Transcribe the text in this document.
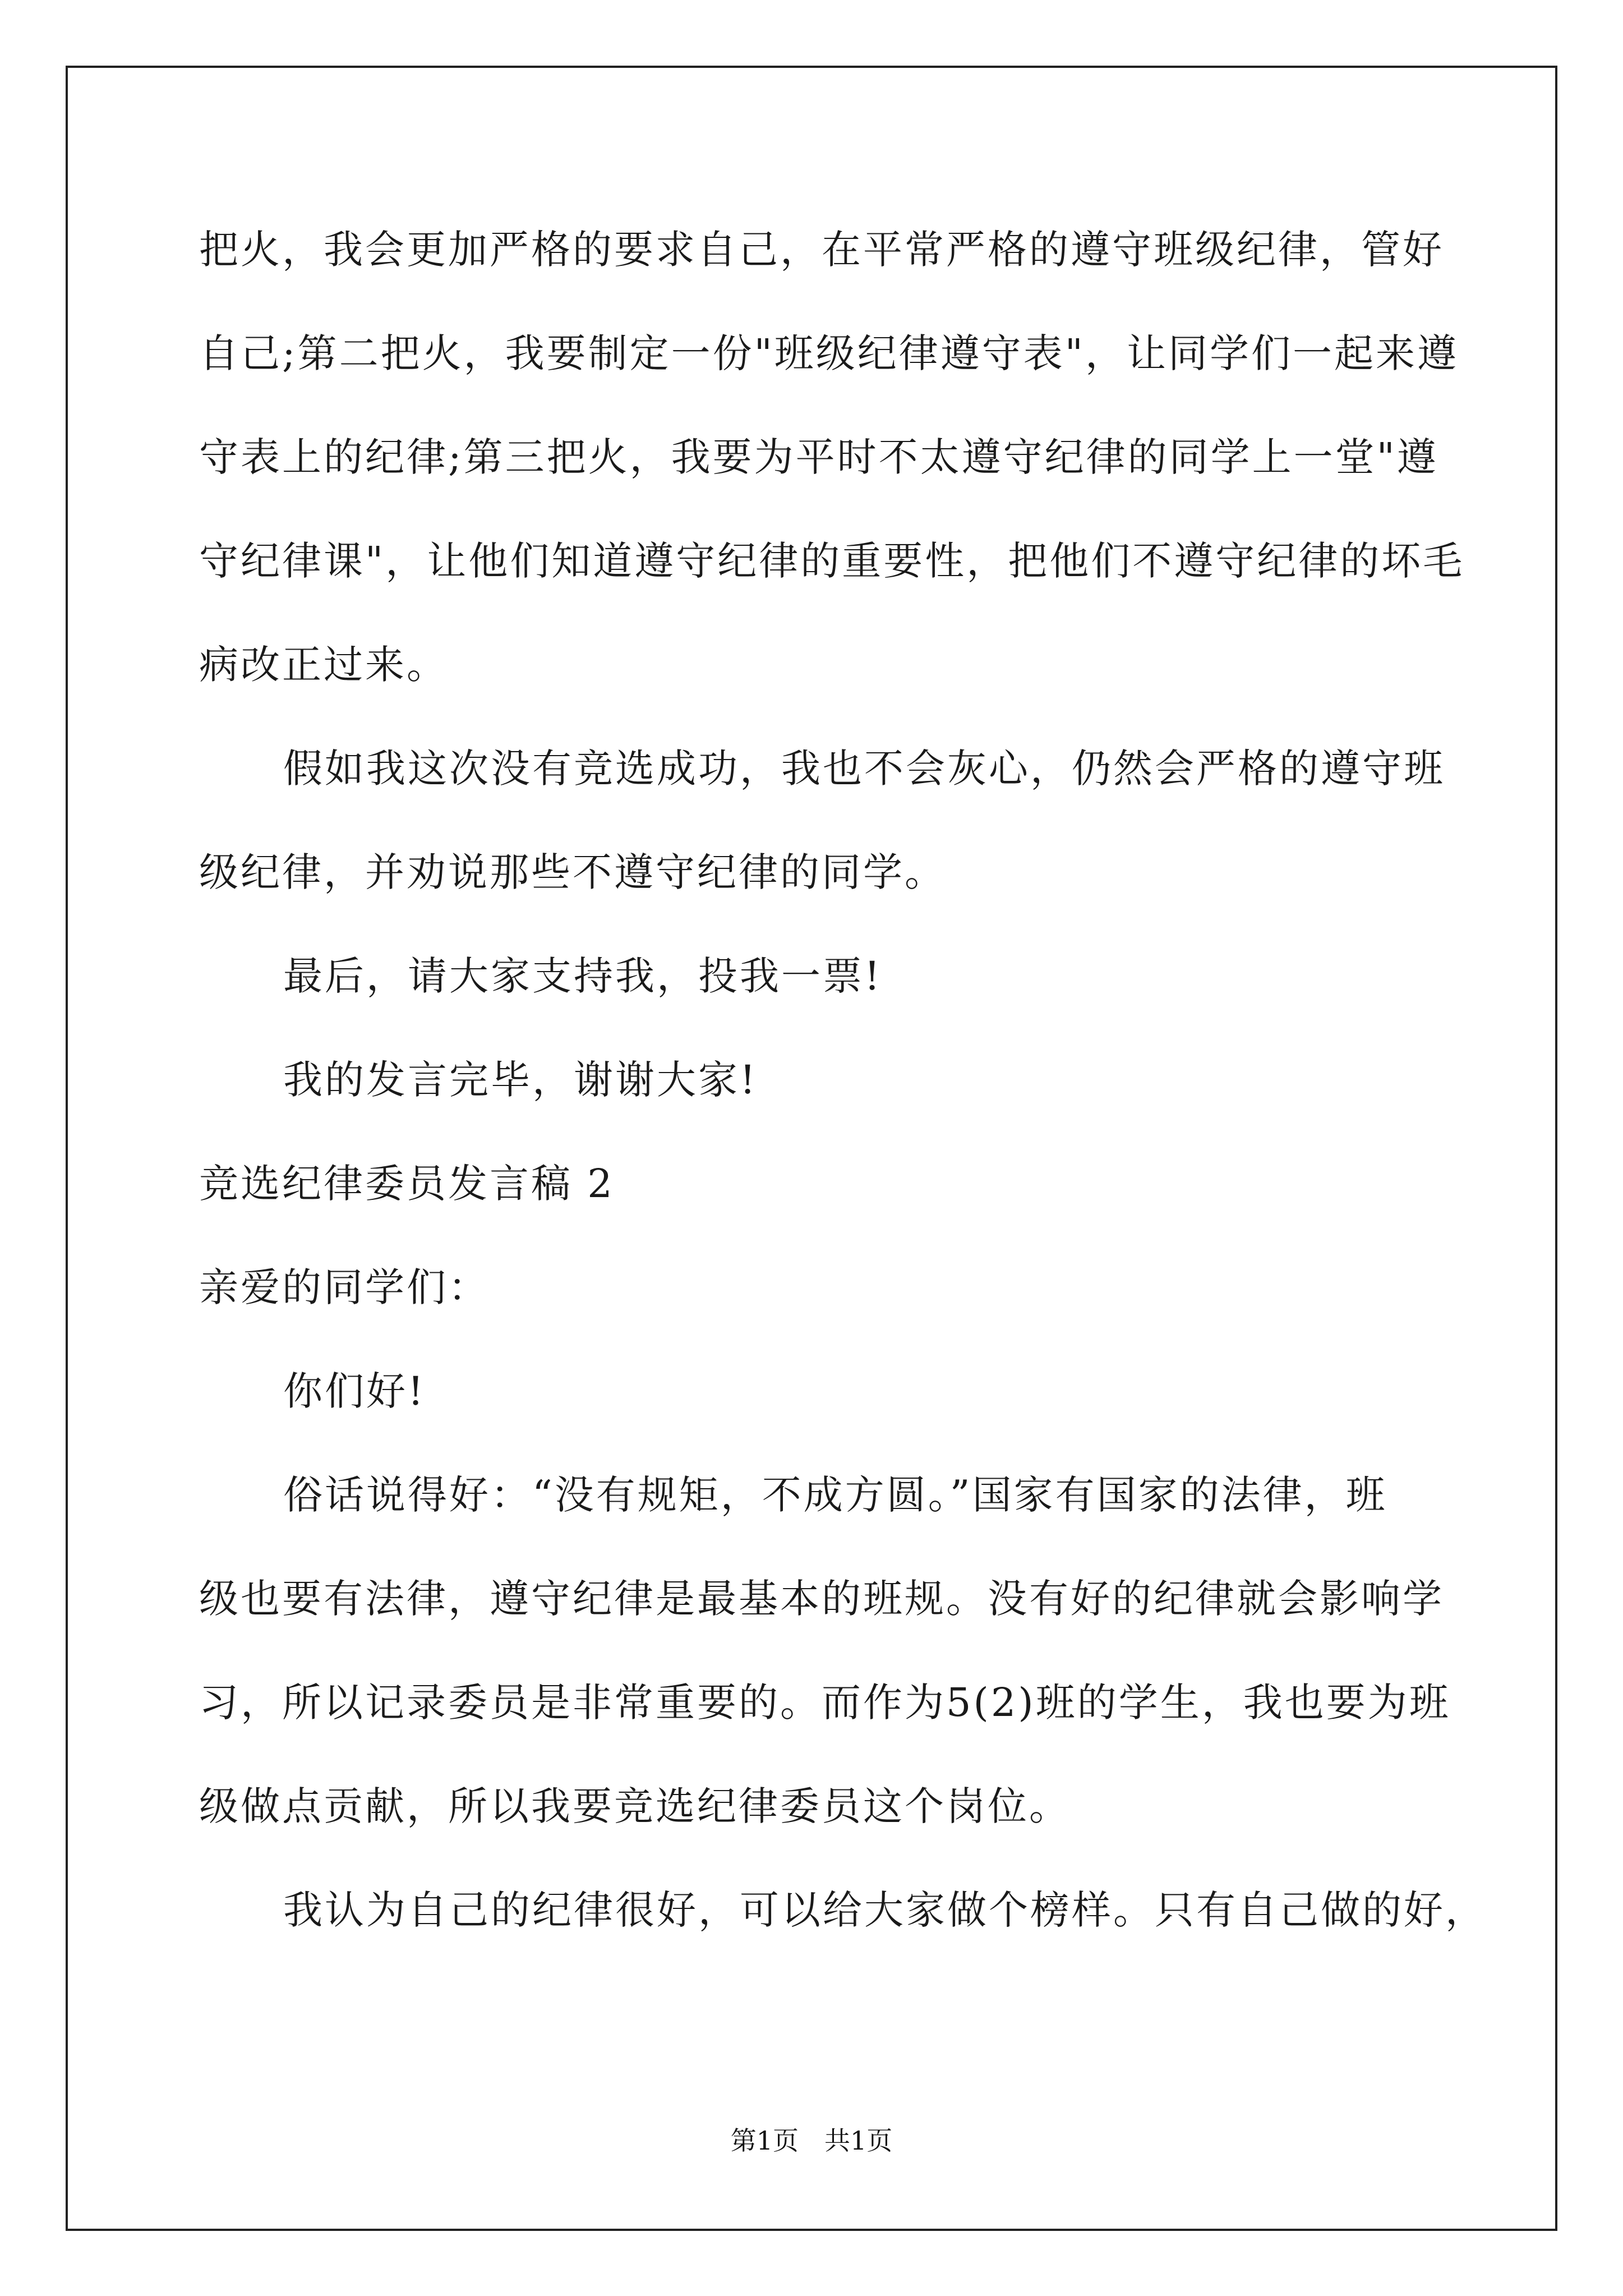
把火，我会更加严格的要求自己，在平常严格的遵守班级纪律，管好
自己;第二把火，我要制定一份"班级纪律遵守表"，让同学们一起来遵
守表上的纪律;第三把火，我要为平时不太遵守纪律的同学上一堂"遵
守纪律课"，让他们知道遵守纪律的重要性，把他们不遵守纪律的坏毛
病改正过来。
假如我这次没有竞选成功，我也不会灰心，仍然会严格的遵守班
级纪律，并劝说那些不遵守纪律的同学。
最后，请大家支持我，投我一票!
我的发言完毕，谢谢大家!
竞选纪律委员发言稿 2
亲爱的同学们：
你们好!
俗话说得好：“没有规矩，不成方圆。”国家有国家的法律，班
级也要有法律，遵守纪律是最基本的班规。没有好的纪律就会影响学
习，所以记录委员是非常重要的。而作为5(2)班的学生，我也要为班
级做点贡献，所以我要竞选纪律委员这个岗位。
我认为自己的纪律很好，可以给大家做个榜样。只有自己做的好，
第1页　共1页
